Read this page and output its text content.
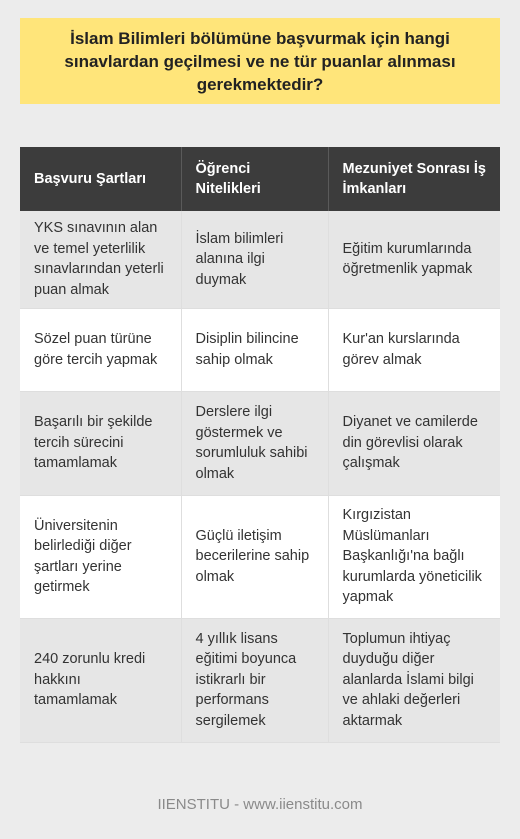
İslam Bilimleri bölümüne başvurmak için hangi sınavlardan geçilmesi ve ne tür puanlar alınması gerekmektedir?
Başvuru Şartları	Öğrenci Nitelikleri	Mezuniyet Sonrası İş İmkanları
YKS sınavının alan ve temel yeterlilik sınavlarından yeterli puan almak	İslam bilimleri alanına ilgi duymak	Eğitim kurumlarında öğretmenlik yapmak
Sözel puan türüne göre tercih yapmak	Disiplin bilincine sahip olmak	Kur'an kurslarında görev almak
Başarılı bir şekilde tercih sürecini tamamlamak	Derslere ilgi göstermek ve sorumluluk sahibi olmak	Diyanet ve camilerde din görevlisi olarak çalışmak
Üniversitenin belirlediği diğer şartları yerine getirmek	Güçlü iletişim becerilerine sahip olmak	Kırgızistan Müslümanları Başkanlığı'na bağlı kurumlarda yöneticilik yapmak
240 zorunlu kredi hakkını tamamlamak	4 yıllık lisans eğitimi boyunca istikrarlı bir performans sergilemek	Toplumun ihtiyaç duyduğu diğer alanlarda İslami bilgi ve ahlaki değerleri aktarmak
IIENSTITU - www.iienstitu.com
